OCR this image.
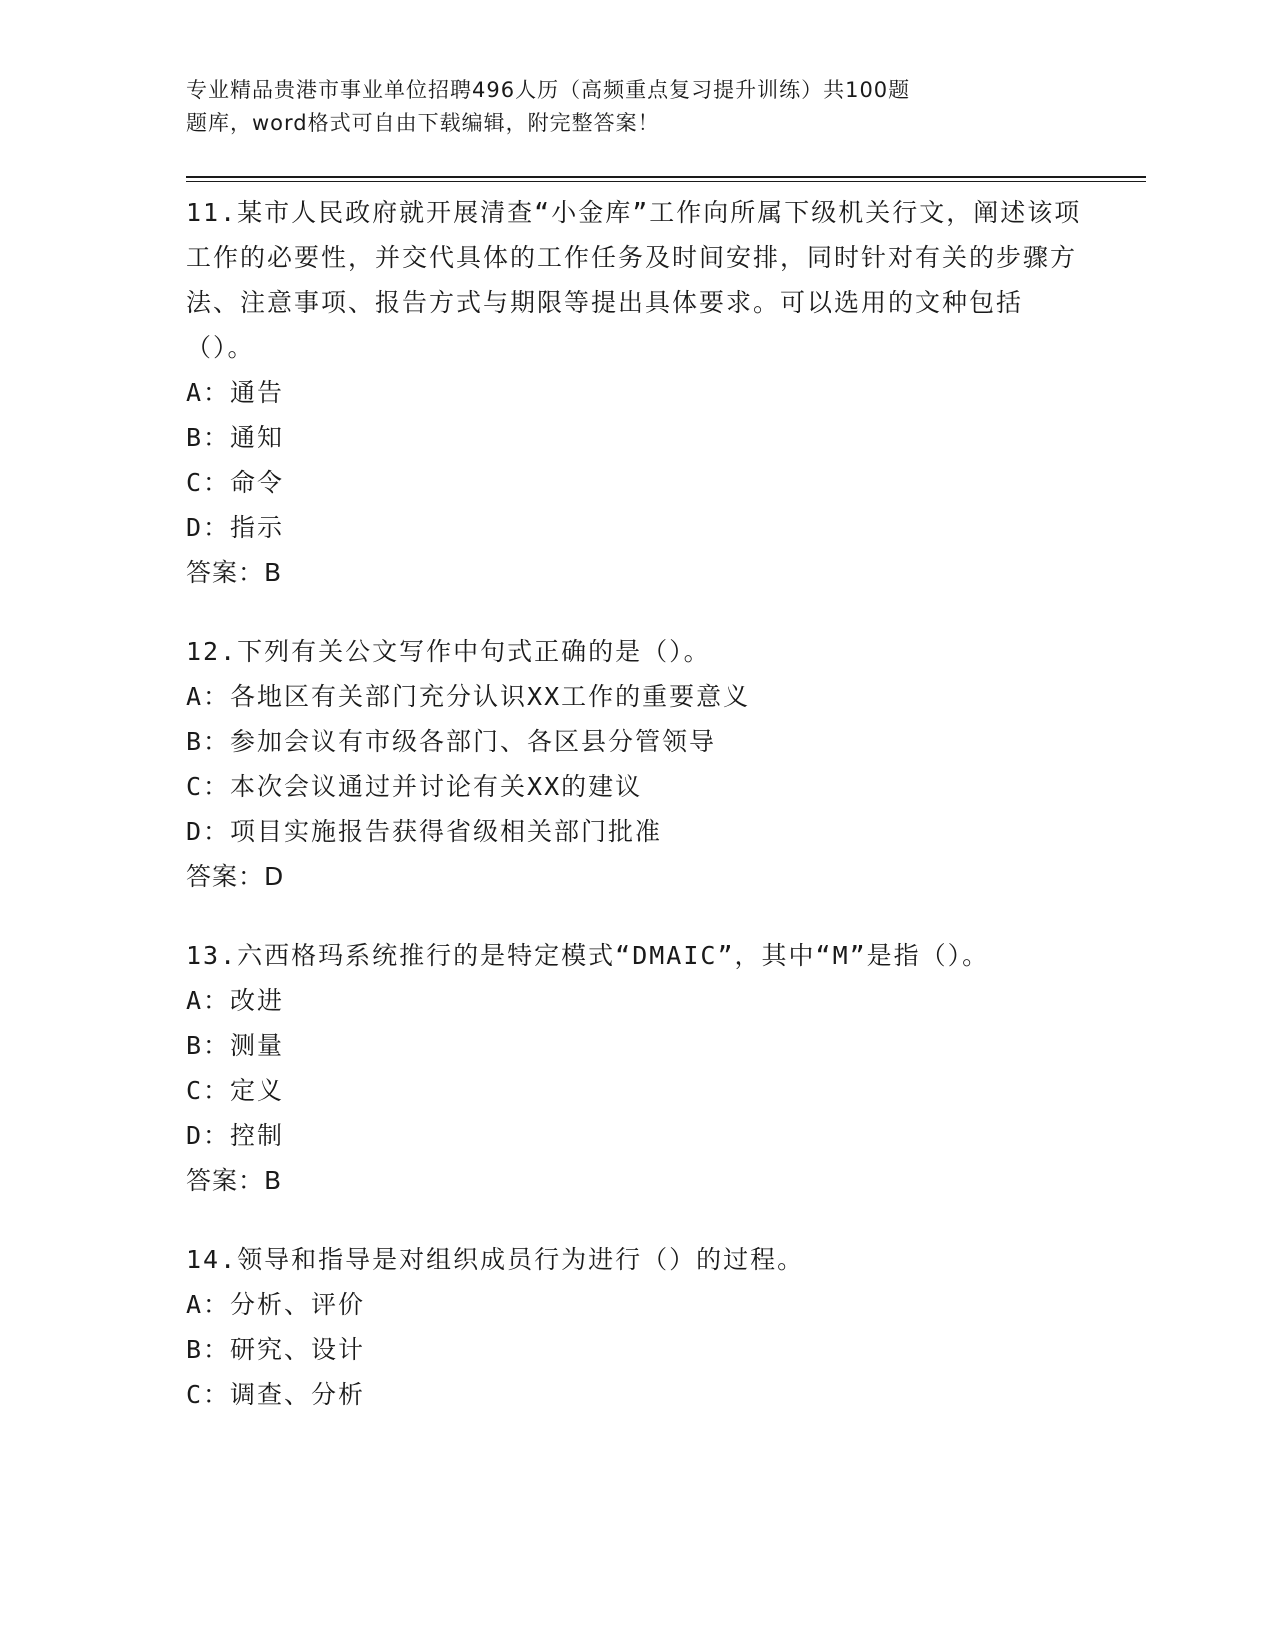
专业精品贵港市事业单位招聘496人历（高频重点复习提升训练）共100题
题库，word格式可自由下载编辑，附完整答案！

11.某市人民政府就开展清查“小金库”工作向所属下级机关行文，阐述该项工作的必要性，并交代具体的工作任务及时间安排，同时针对有关的步骤方法、注意事项、报告方式与期限等提出具体要求。可以选用的文种包括（）。

A：通告

B：通知

C：命令

D：指示

答案：B

12.下列有关公文写作中句式正确的是（）。

A：各地区有关部门充分认识XX工作的重要意义

B：参加会议有市级各部门、各区县分管领导

C：本次会议通过并讨论有关XX的建议

D：项目实施报告获得省级相关部门批准

答案：D

13.六西格玛系统推行的是特定模式“DMAIC”，其中“M”是指（）。

A：改进

B：测量

C：定义

D：控制

答案：B

14.领导和指导是对组织成员行为进行（）的过程。

A：分析、评价

B：研究、设计

C：调查、分析
